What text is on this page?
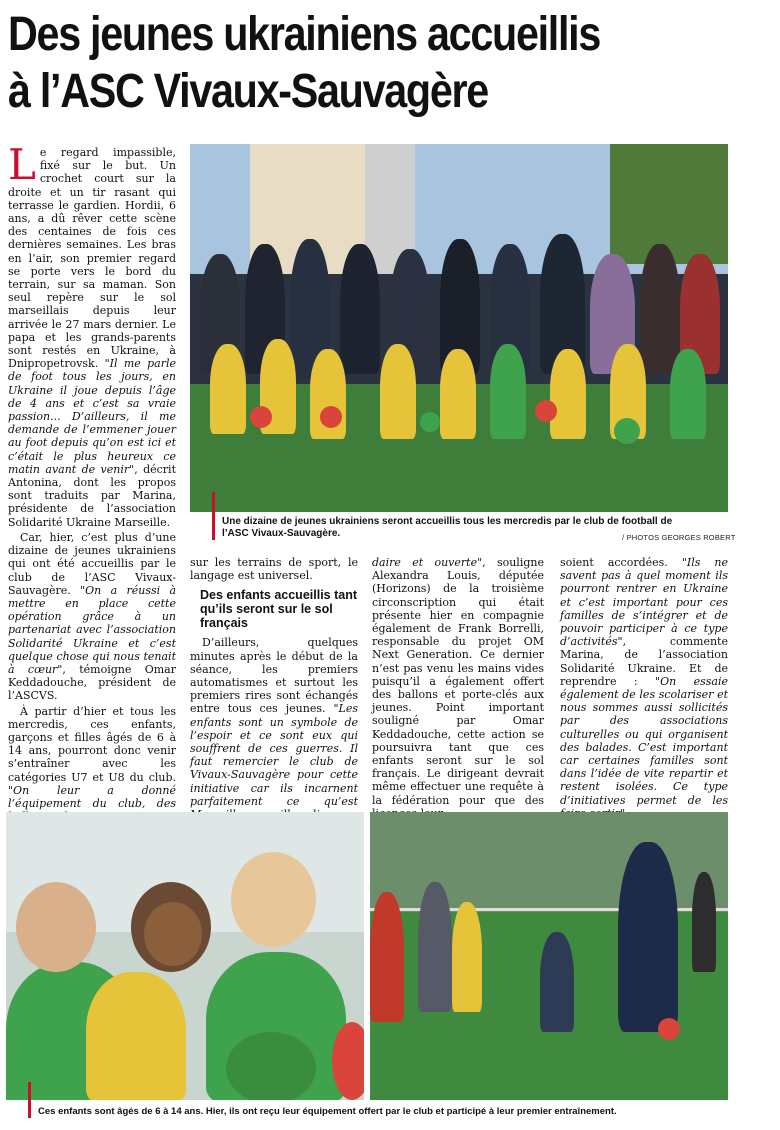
Des jeunes ukrainiens accueillis
à l’ASC Vivaux-Sauvagère

Le regard impassible, fixé sur le but. Un crochet court sur la droite et un tir rasant qui terrasse le gardien. Hordii, 6 ans, a dû rêver cette scène des centaines de fois ces dernières semaines. Les bras en l’air, son premier regard se porte vers le bord du terrain, sur sa maman. Son seul repère sur le sol marseillais depuis leur arrivée le 27 mars dernier. Le papa et les grands-parents sont restés en Ukraine, à Dnipropetrovsk. "Il me parle de foot tous les jours, en Ukraine il joue depuis l’âge de 4 ans et c’est sa vraie passion... D’ailleurs, il me demande de l’emmener jouer au foot depuis qu’on est ici et c’était le plus heureux ce matin avant de venir", décrit Antonina, dont les propos sont traduits par Marina, présidente de l’association Solidarité Ukraine Marseille.

Car, hier, c’est plus d’une dizaine de jeunes ukrainiens qui ont été accueillis par le club de l’ASC Vivaux-Sauvagère. "On a réussi à mettre en place cette opération grâce à un partenariat avec l’association Solidarité Ukraine et c’est quelque chose qui nous tenait à cœur", témoigne Omar Keddadouche, président de l’ASCVS.

À partir d’hier et tous les mercredis, ces enfants, garçons et filles âgés de 6 à 14 ans, pourront donc venir s’entraîner avec les catégories U7 et U8 du club. "On leur a donné l’équipement du club, des

Une dizaine de jeunes ukrainiens seront accueillis tous les mercredis par le club de football de l’ASC Vivaux-Sauvagère.	/ PHOTOS GEORGES ROBERT

sur les terrains de sport, le langage est universel.

Des enfants accueillis tant qu’ils seront sur le sol français

D’ailleurs, quelques minutes après le début de la séance, les premiers automatismes et surtout les premiers rires sont échangés entre tous ces jeunes. "Les enfants sont un symbole de l’espoir et ce sont eux qui souffrent de ces guerres. Il faut remercier le club de Vivaux-Sauvagère pour cette initiative car ils incarnent parfaitement ce qu’est

daire et ouverte", souligne Alexandra Louis, députée (Horizons) de la troisième circonscription qui était présente hier en compagnie également de Frank Borrelli, responsable du projet OM Next Generation. Ce dernier n’est pas venu les mains vides puisqu’il a également offert des ballons et porte-clés aux jeunes. Point important souligné par Omar Keddadouche, cette action se poursuivra tant que ces enfants seront sur le sol français. Le dirigeant devrait même effectuer une requête à la fédération pour que des

soient accordées. "Ils ne savent pas à quel moment ils pourront rentrer en Ukraine et c’est important pour ces familles de s’intégrer et de pouvoir participer à ce type d’activités", commente Marina, de l’association Solidarité Ukraine. Et de reprendre : "On essaie également de les scolariser et nous sommes aussi sollicités par des associations culturelles ou qui organisent des balades. C’est important car certaines familles sont dans l’idée de vite repartir et restent isolées. Ce type d’initiatives permet de les

Ces enfants sont âgés de 6 à 14 ans. Hier, ils ont reçu leur équipement offert par le club et participé à leur premier entraînement.
